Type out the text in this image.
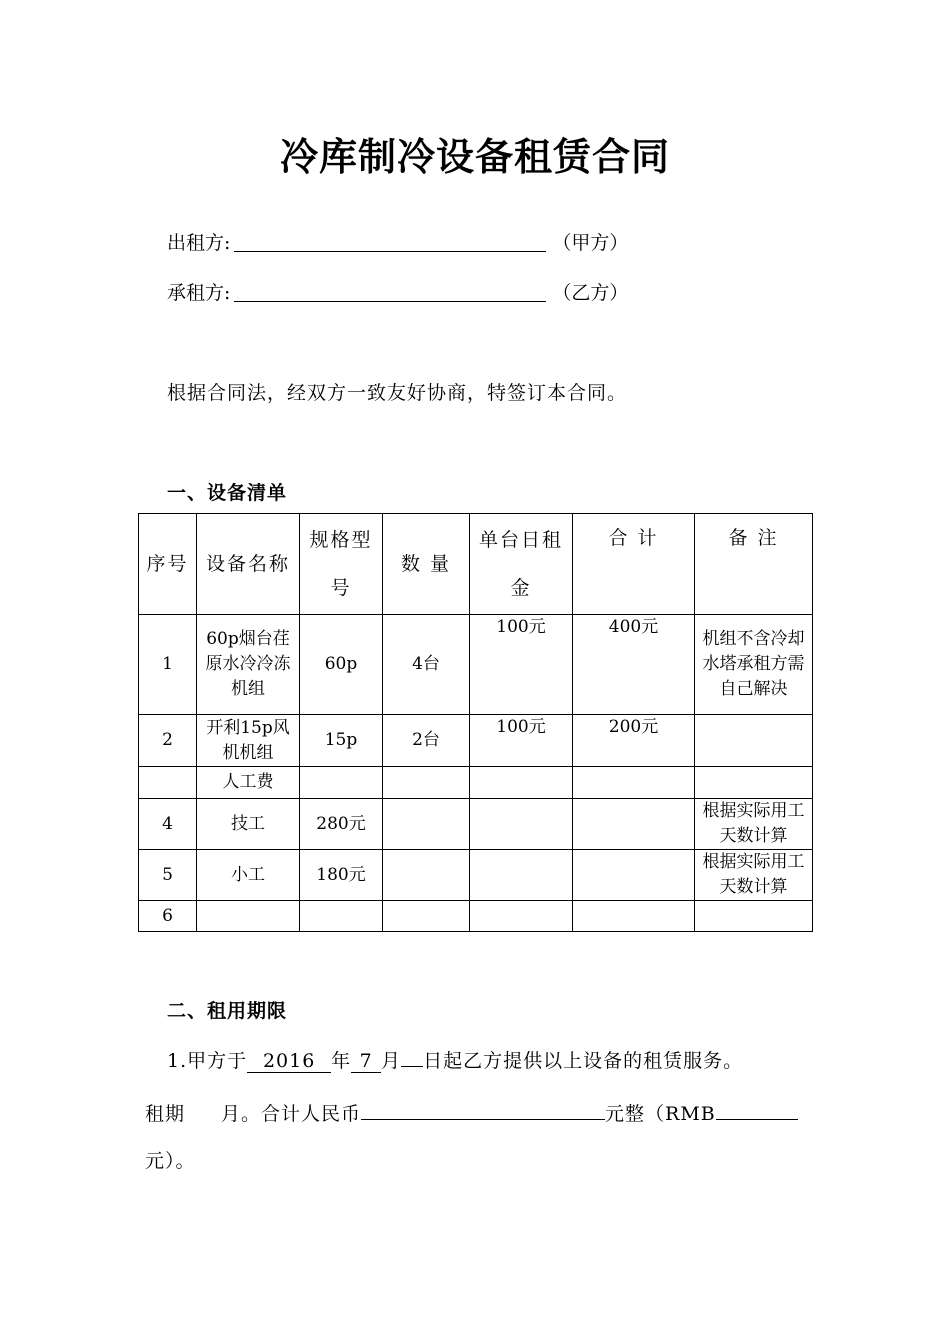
冷库制冷设备租赁合同
出租方:	（甲方）
承租方:	（乙方）
根据合同法，经双方一致友好协商，特签订本合同。
一、设备清单
序号	设备名称	规格型号	数 量	单台日租金	合 计	备 注
1	60p烟台荏原水冷冷冻机组	60p	4台	100元	400元	机组不含冷却水塔承租方需自己解决
2	开利15p风机机组	15p	2台	100元	200元	
	人工费					
4	技工	280元				根据实际用工天数计算
5	小工	180元				根据实际用工天数计算
6						
二、租用期限
1.甲方于 2016 年 7 月 日起乙方提供以上设备的租赁服务。
租期 月。合计人民币	元整（RMB
元）。
